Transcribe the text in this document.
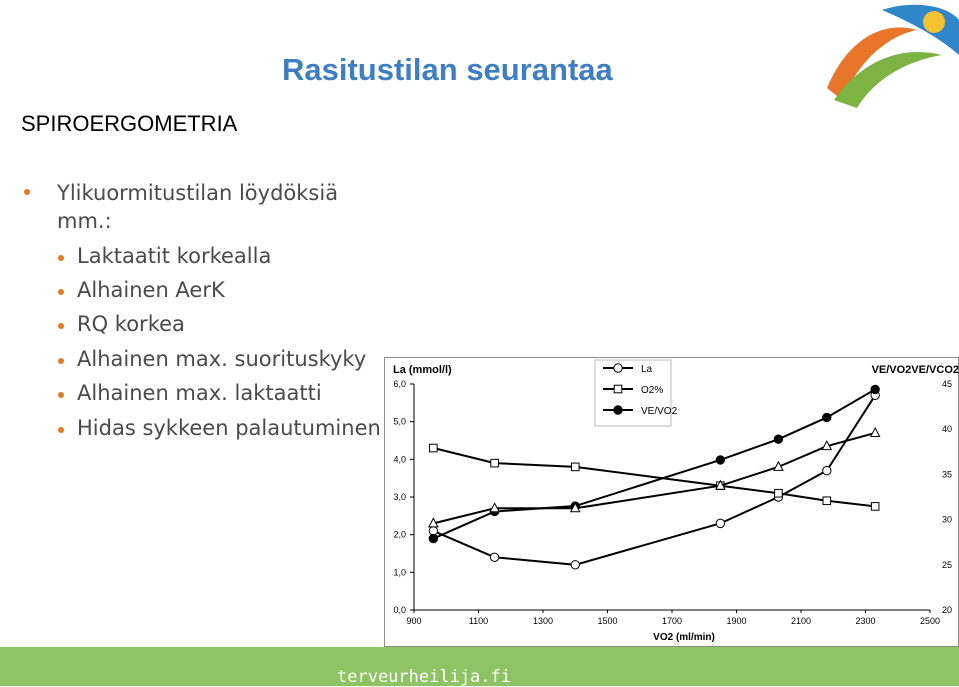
Rasitustilan seurantaa
SPIROERGOMETRIA
Ylikuormitustilan löydöksiä
mm.:
Laktaatit korkealla
Alhainen AerK
RQ korkea
Alhainen max. suorituskyky
Alhainen max. laktaatti
Hidas sykkeen palautuminen
0,0
1,0
2,0
3,0
4,0
5,0
6,0
20
25
30
35
40
45
900	1100	1300	1500	1700	1900	2100	2300	2500
VO2 (ml/min)
La (mmol/l)	VE/VO2VE/VCO2
La
O2%
VE/VO2
terveurheilija.fi
